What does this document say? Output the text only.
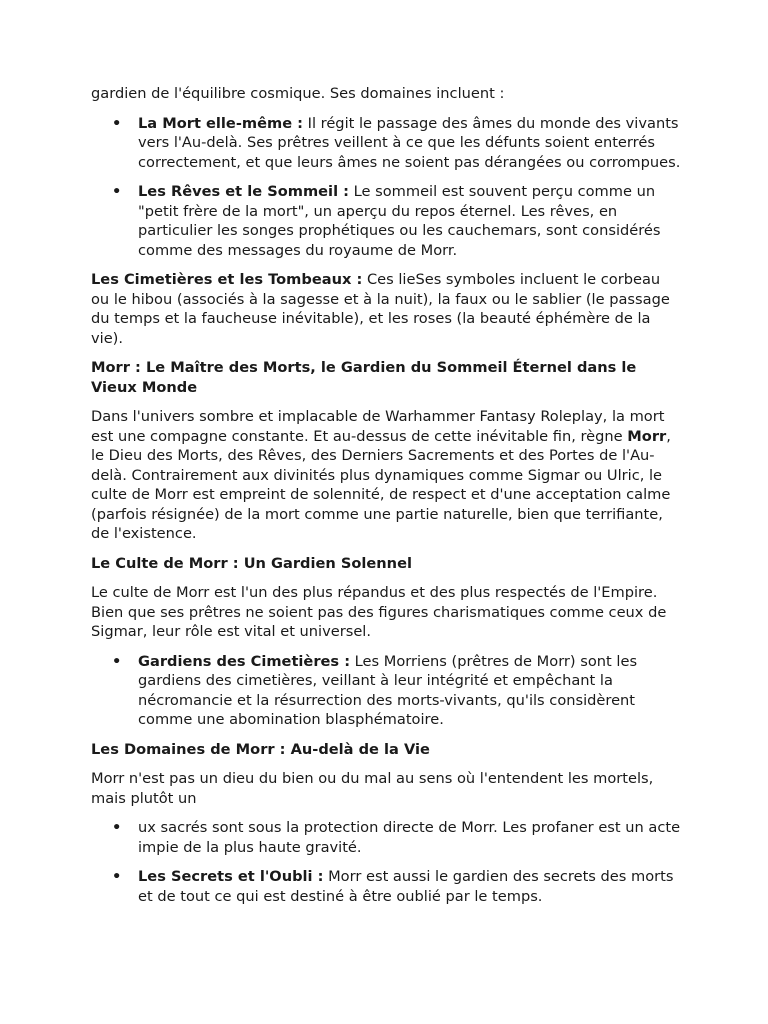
gardien de l'équilibre cosmique. Ses domaines incluent :

• La Mort elle-même : Il régit le passage des âmes du monde des vivants vers l'Au-delà. Ses prêtres veillent à ce que les défunts soient enterrés correctement, et que leurs âmes ne soient pas dérangées ou corrompues.
• Les Rêves et le Sommeil : Le sommeil est souvent perçu comme un "petit frère de la mort", un aperçu du repos éternel. Les rêves, en particulier les songes prophétiques ou les cauchemars, sont considérés comme des messages du royaume de Morr.

Les Cimetières et les Tombeaux : Ces lieSes symboles incluent le corbeau ou le hibou (associés à la sagesse et à la nuit), la faux ou le sablier (le passage du temps et la faucheuse inévitable), et les roses (la beauté éphémère de la vie).

Morr : Le Maître des Morts, le Gardien du Sommeil Éternel dans le Vieux Monde

Dans l'univers sombre et implacable de Warhammer Fantasy Roleplay, la mort est une compagne constante. Et au-dessus de cette inévitable fin, règne Morr, le Dieu des Morts, des Rêves, des Derniers Sacrements et des Portes de l'Au-delà. Contrairement aux divinités plus dynamiques comme Sigmar ou Ulric, le culte de Morr est empreint de solennité, de respect et d'une acceptation calme (parfois résignée) de la mort comme une partie naturelle, bien que terrifiante, de l'existence.

Le Culte de Morr : Un Gardien Solennel

Le culte de Morr est l'un des plus répandus et des plus respectés de l'Empire. Bien que ses prêtres ne soient pas des figures charismatiques comme ceux de Sigmar, leur rôle est vital et universel.

• Gardiens des Cimetières : Les Morriens (prêtres de Morr) sont les gardiens des cimetières, veillant à leur intégrité et empêchant la nécromancie et la résurrection des morts-vivants, qu'ils considèrent comme une abomination blasphématoire.

Les Domaines de Morr : Au-delà de la Vie

Morr n'est pas un dieu du bien ou du mal au sens où l'entendent les mortels, mais plutôt un

• ux sacrés sont sous la protection directe de Morr. Les profaner est un acte impie de la plus haute gravité.
• Les Secrets et l'Oubli : Morr est aussi le gardien des secrets des morts et de tout ce qui est destiné à être oublié par le temps.
